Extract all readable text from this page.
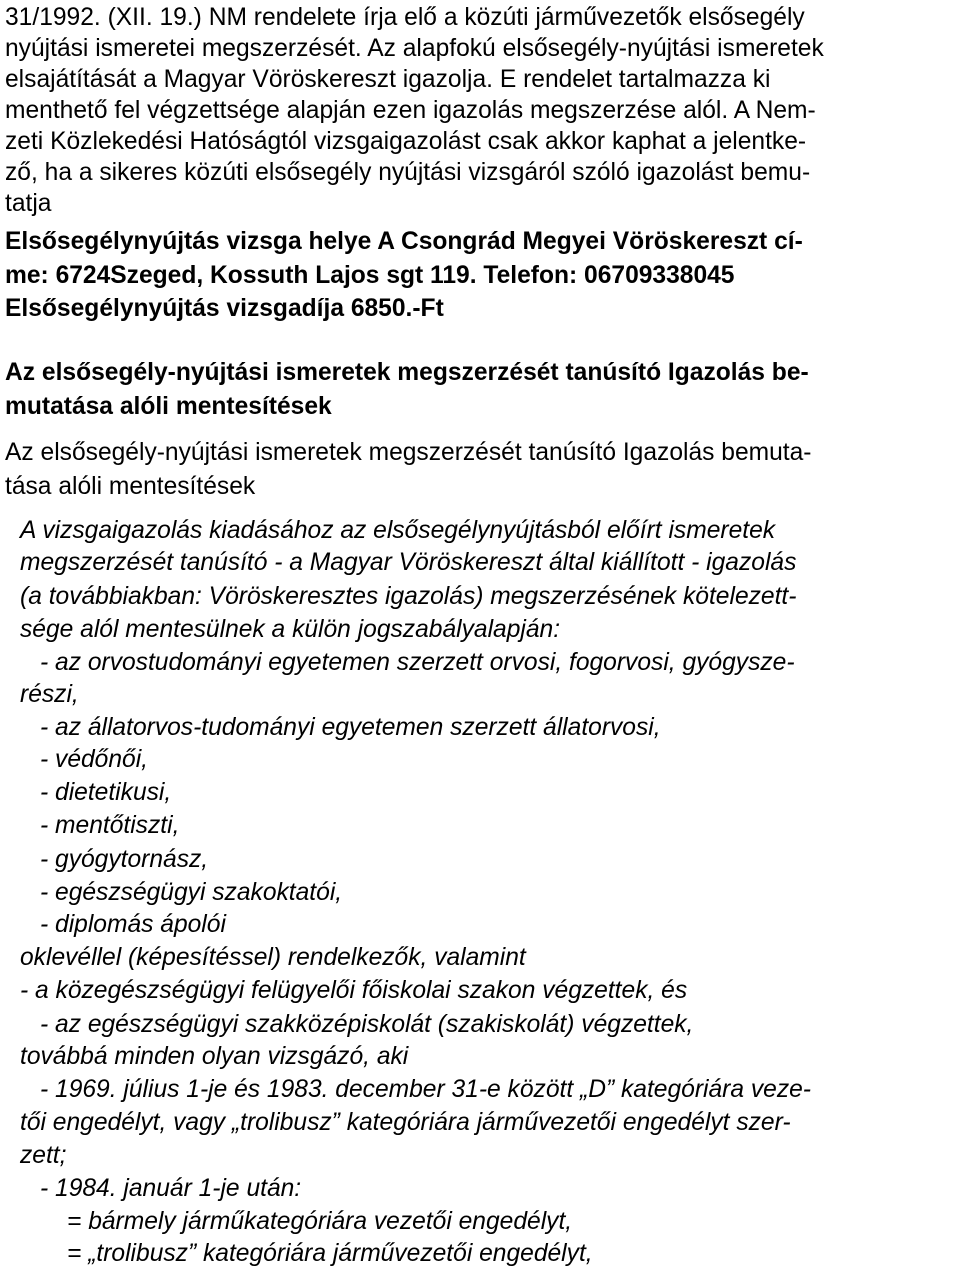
31/1992. (XII. 19.) NM rendelete írja elő a közúti járművezetők elsősegély
nyújtási ismeretei megszerzését. Az alapfokú elsősegély-nyújtási ismeretek
elsajátítását a Magyar Vöröskereszt igazolja. E rendelet tartalmazza ki
menthető fel végzettsége alapján ezen igazolás megszerzése alól. A Nem-
zeti Közlekedési Hatóságtól vizsgaigazolást csak akkor kaphat a jelentke-
ző, ha a sikeres közúti elsősegély nyújtási vizsgáról szóló igazolást bemu-
tatja
Elsősegélynyújtás vizsga helye A Csongrád Megyei Vöröskereszt cí-
me: 6724Szeged, Kossuth Lajos sgt 119. Telefon: 06709338045
Elsősegélynyújtás vizsgadíja 6850.-Ft
Az elsősegély-nyújtási ismeretek megszerzését tanúsító Igazolás be-
mutatása alóli mentesítések
Az elsősegély-nyújtási ismeretek megszerzését tanúsító Igazolás bemuta-
tása alóli mentesítések
A vizsgaigazolás kiadásához az elsősegélynyújtásból előírt ismeretek
megszerzését tanúsító - a Magyar Vöröskereszt által kiállított - igazolás
(a továbbiakban: Vöröskeresztes igazolás) megszerzésének kötelezett-
sége alól mentesülnek a külön jogszabályalapján:
- az orvostudományi egyetemen szerzett orvosi, fogorvosi, gyógysze-
részi,
- az állatorvos-tudományi egyetemen szerzett állatorvosi,
- védőnői,
- dietetikusi,
- mentőtiszti,
- gyógytornász,
- egészségügyi szakoktatói,
- diplomás ápolói
oklevéllel (képesítéssel) rendelkezők, valamint
- a közegészségügyi felügyelői főiskolai szakon végzettek, és
- az egészségügyi szakközépiskolát (szakiskolát) végzettek,
továbbá minden olyan vizsgázó, aki
- 1969. július 1-je és 1983. december 31-e között „D” kategóriára veze-
tői engedélyt, vagy „trolibusz” kategóriára járművezetői engedélyt szer-
zett;
- 1984. január 1-je után:
= bármely járműkategóriára vezetői engedélyt,
= „trolibusz” kategóriára járművezetői engedélyt,
